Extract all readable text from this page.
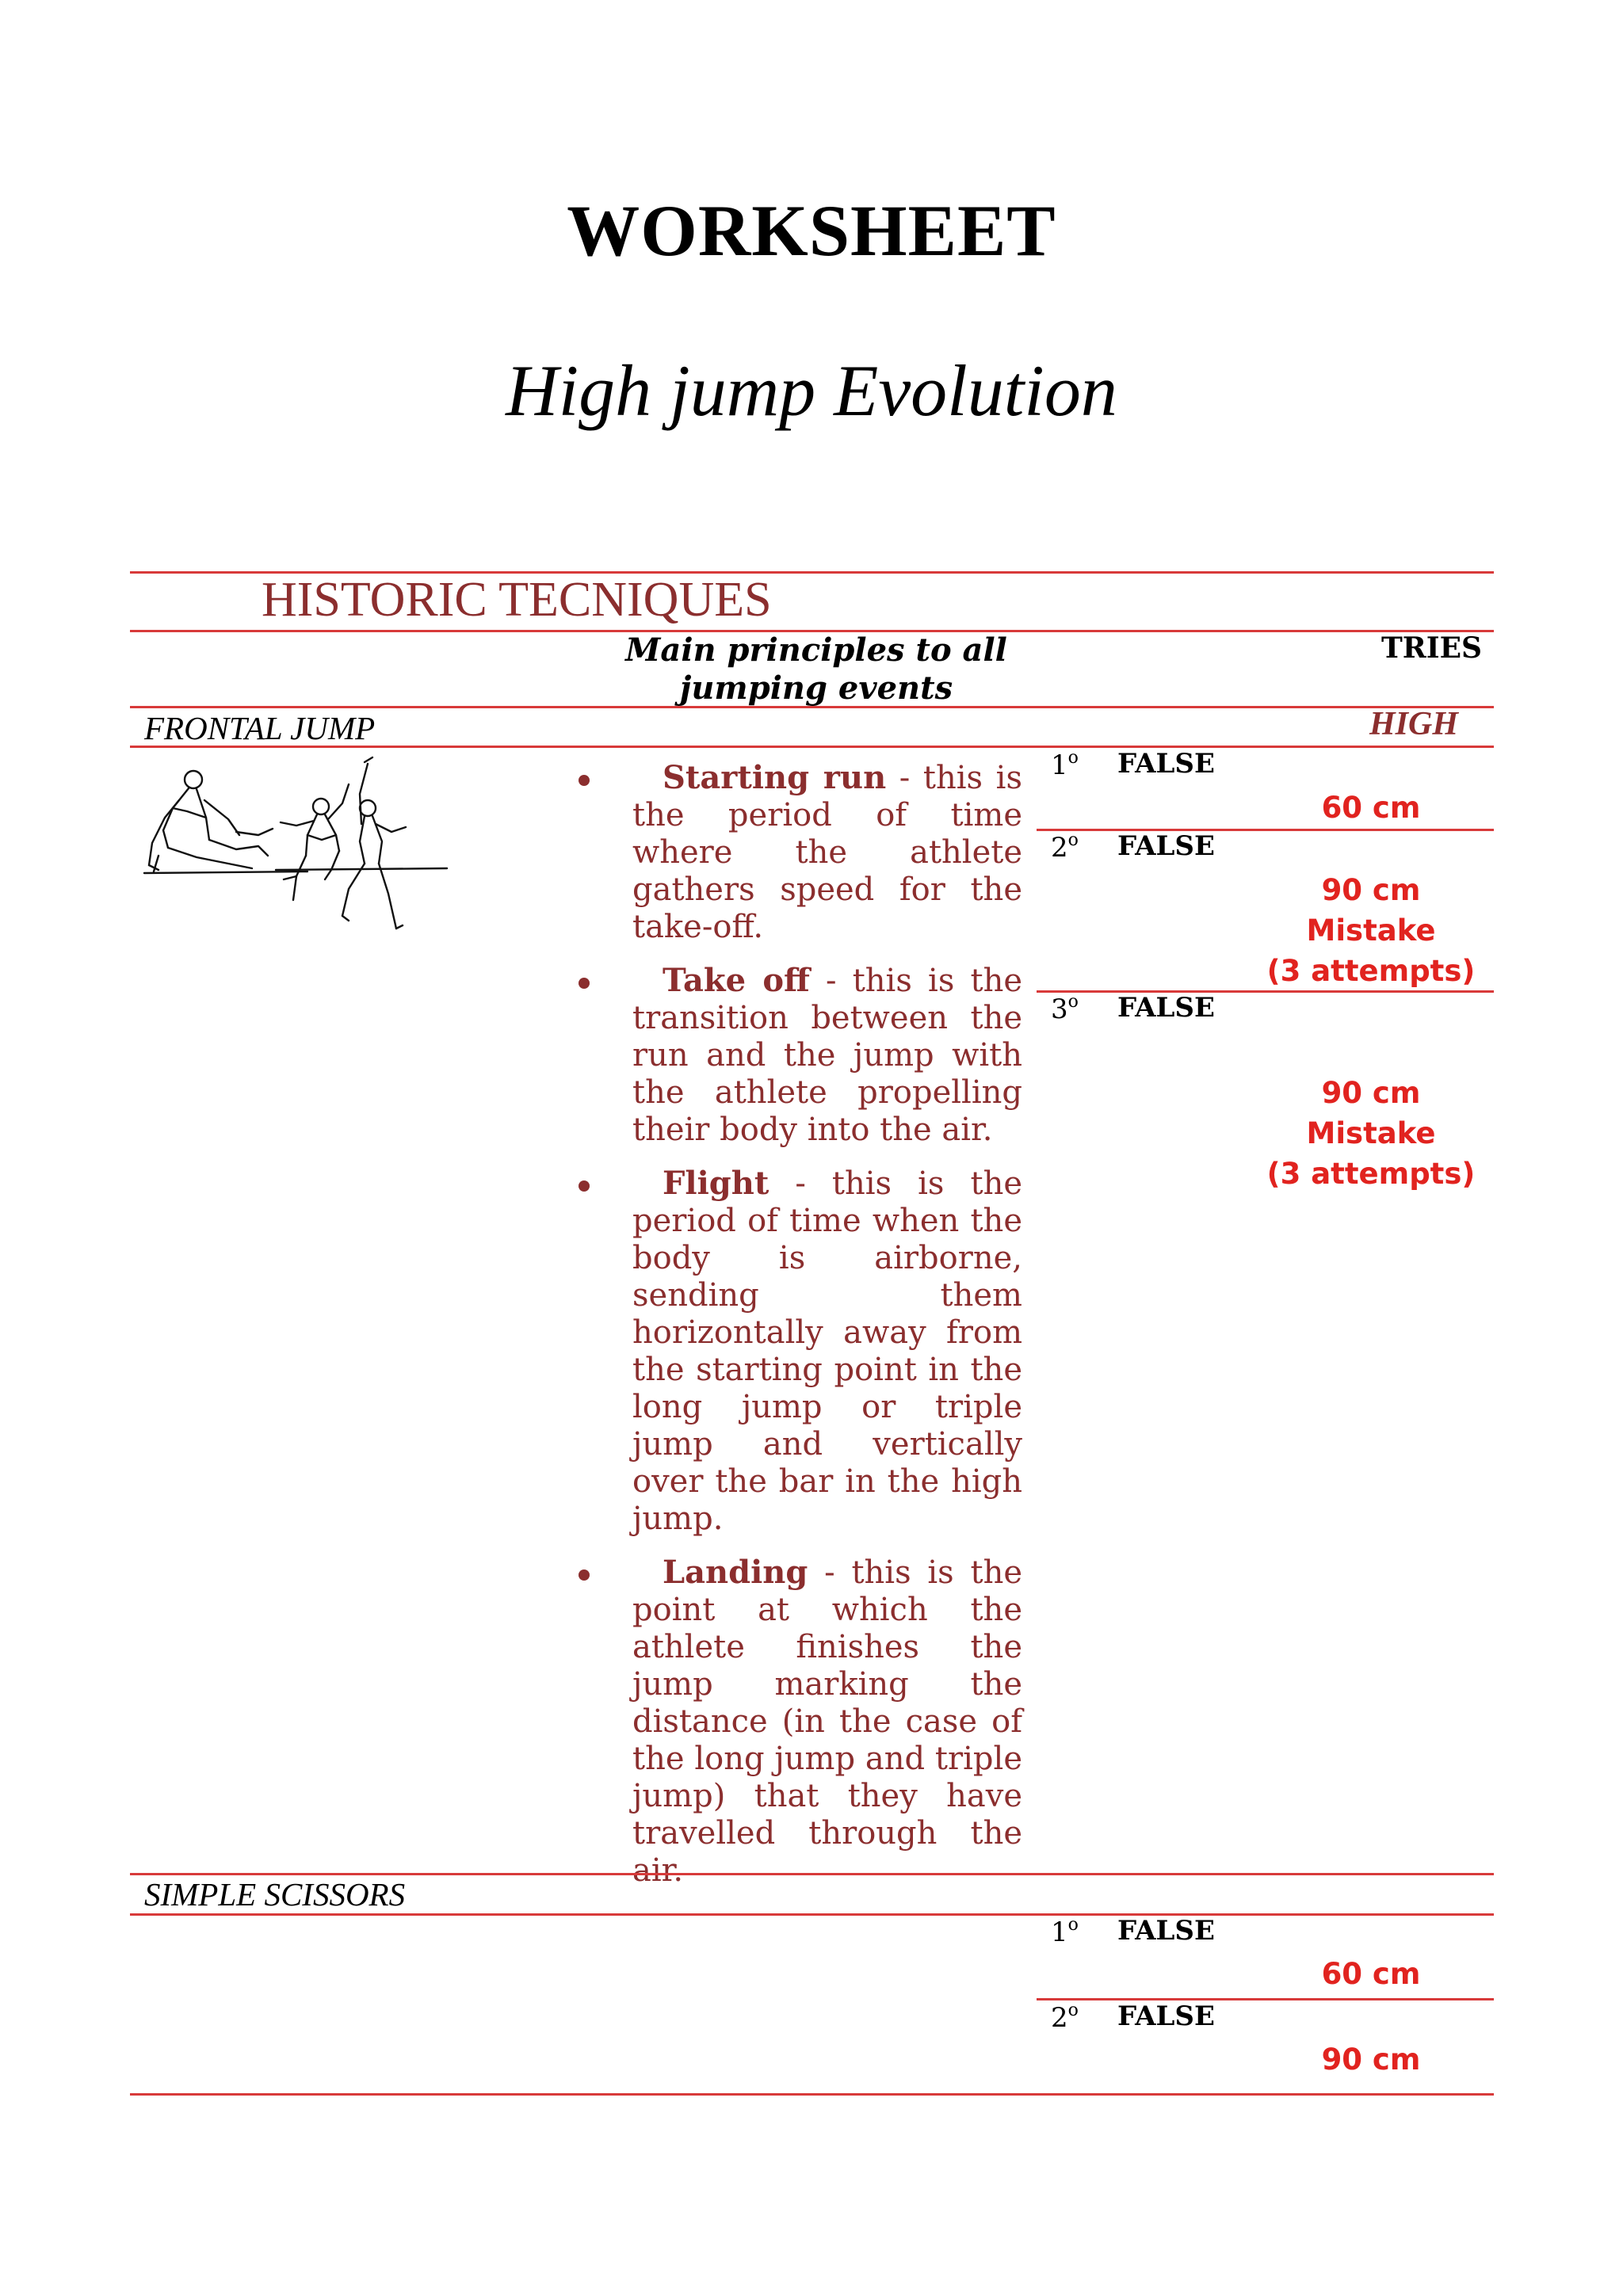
WORKSHEET
High jump Evolution
HISTORIC TECNIQUES
Main principles to all jumping events
TRIES
FRONTAL JUMP	HIGH
Starting run - this is the period of time where the athlete gathers speed for the take-off.
Take off - this is the transition between the run and the jump with the athlete propelling their body into the air.
Flight - this is the period of time when the body is airborne, sending them horizontally away from the starting point in the long jump or triple jump and vertically over the bar in the high jump.
Landing - this is the point at which the athlete finishes the jump marking the distance (in the case of the long jump and triple jump) that they have travelled through the air.
1$^o$ FALSE
60 cm
2$^o$ FALSE
90 cm
Mistake
(3 attempts)
3$^o$ FALSE
90 cm
Mistake
(3 attempts)
SIMPLE SCISSORS
1$^o$ FALSE
60 cm
2$^o$ FALSE
90 cm
